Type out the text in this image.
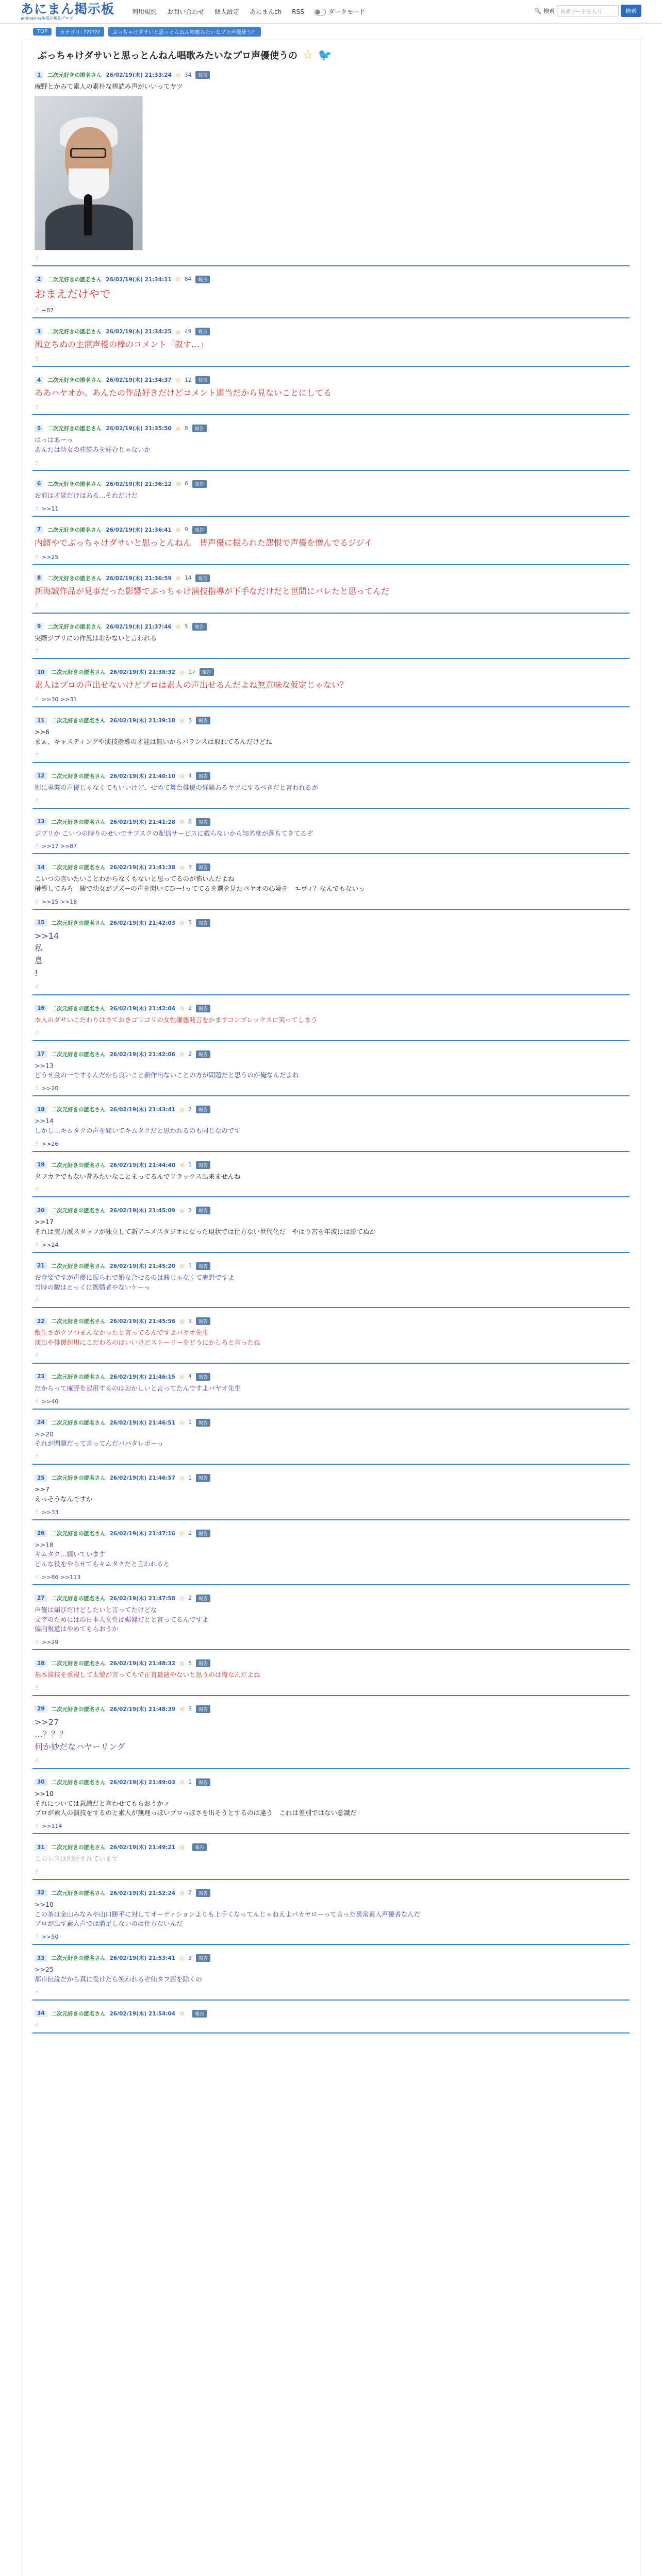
あにまん掲示板
animan-talk掲示板&ブログ
利用規約 お問い合わせ 個人設定 あにまんch RSS	ダークモード	🔍 検索	検索ワードを入力	検索
TOP	カテゴリ: ??????	ぶっちゃけダサいと思っとんねん唱歌みたいなプロ声優使う？
ぶっちゃけダサいと思っとんねん唱歌みたいなプロ声優使うの ☆ 🐦
1	二次元好きの匿名さん 26/02/19(木) 21:33:24 ◎ 34	報告
庵野とかみて素人の素朴な棒読み声がいいってヤツ
☝
2	二次元好きの匿名さん 26/02/19(木) 21:34:11 ◎ 84	報告
おまえだけやで
☝ +87
3	二次元好きの匿名さん 26/02/19(木) 21:34:25 ◎ 49	報告
風立ちぬの主演声優の棒のコメント「叙す…」
☝
4	二次元好きの匿名さん 26/02/19(木) 21:34:37 ◎ 12	報告
ああハヤオか。あんたの作品好きだけどコメント適当だから見ないことにしてる
☝
5	二次元好きの匿名さん 26/02/19(木) 21:35:50 ◎ 8	報告
はっはあーっ
あんたは幼女の棒読みを好むじゃないか
☝
6	二次元好きの匿名さん 26/02/19(木) 21:36:12 ◎ 6	報告
お前は才能だけはある…それだけだ
☝ >>11
7	二次元好きの匿名さん 26/02/19(木) 21:36:41 ◎ 9	報告
内緒やでぶっちゃけダサいと思っとんねん　皆声優に振られた怨恨で声優を憎んでるジジイ
☝ >>25
8	二次元好きの匿名さん 26/02/19(木) 21:36:59 ◎ 14	報告
新海誠作品が見事だった影響でぶっちゃけ演技指導が下手なだけだと世間にバレたと思ってんだ
☝
9	二次元好きの匿名さん 26/02/19(木) 21:37:46 ◎ 5	報告
実際ジブリにの作風はおかないと言われる
☝
10	二次元好きの匿名さん 26/02/19(木) 21:38:32 ◎ 17	報告
素人はプロの声出せないけどプロは素人の声出せるんだよね無意味な仮定じゃない？
☝ >>30 >>31
11	二次元好きの匿名さん 26/02/19(木) 21:39:18 ◎ 3	報告
>>6
まぁ、キャスティングや演技指導の才能は無いからバランスは取れてるんだけどね
☝
12	二次元好きの匿名さん 26/02/19(木) 21:40:10 ◎ 4	報告
別に専業の声優じゃなくてもいいけど、せめて舞台俳優の経験あるヤツにするべきだと言われるが
☝
13	二次元好きの匿名さん 26/02/19(木) 21:41:28 ◎ 8	報告
ジブリか こいつの時りのせいでサブスクの配信サービスに載らないから知名度が落ちてきてるぞ
☝ >>17 >>87
14	二次元好きの匿名さん 26/02/19(木) 21:41:38 ◎ 3	報告
こいつの言いたいことわからなくもないと思ってるのが怖いんだよね
榊導してみろ　駿で幼女がブズーの声を聞いてひー!っててるを選を見たパヤオの心境を　エヴィ？なんでもないっ
☝ >>15 >>18
15	二次元好きの匿名さん 26/02/19(木) 21:42:03 ◎ 5	報告
>>14
私
息
!
☝
16	二次元好きの匿名さん 26/02/19(木) 21:42:04 ◎ 2	報告
本人のダサいこだわりはさておきゴリゴリの女性嫌悪発言をかますコンプレックスに笑ってしまう
☝
17	二次元好きの匿名さん 26/02/19(木) 21:42:06 ◎ 2	報告
>>13
どうせ金の一でするんだから良いこと新作出ないことの方が問題だと思うのが俺なんだよね
☝ >>20
18	二次元好きの匿名さん 26/02/19(木) 21:43:41 ◎ 2	報告
>>14
しかし…キムタクの声を聞いてキムタクだと思われるのも同じなのです
☝ >>26
19	二次元好きの匿名さん 26/02/19(木) 21:44:40 ◎ 1	報告
タフカテでもない昔みたいなことまってるんでリラックス出来ませんね
☝
20	二次元好きの匿名さん 26/02/19(木) 21:45:09 ◎ 2	報告
>>17
それは実力派スタッフが独立して新アニメスタジオになった現状では仕方ない世代化だ　やはり宮を年波には勝てぬか
☝ >>24
21	二次元好きの匿名さん 26/02/19(木) 21:45:20 ◎ 1	報告
お金要ですが声優に振られで婚な合せるのは駿じゃなくて庵野ですよ
当時の駿はとっくに既婚者やないケーっ
☝
22	二次元好きの匿名さん 26/02/19(木) 21:45:56 ◎ 3	報告
敷生さがクソつまんなかったと言ってるんですよバヤオ先生
演出や俳優起用にこだわるのはいいけどストーリーをどうにかしろと言ったね
☝
23	二次元好きの匿名さん 26/02/19(木) 21:46:15 ◎ 4	報告
だからって庵野を起用するのはおかしいと言ってたんですよバヤオ先生
☝ >>40
24	二次元好きの匿名さん 26/02/19(木) 21:46:51 ◎ 1	報告
>>20
それが問題だって言ってんだバパタレボーっ
☝
25	二次元好きの匿名さん 26/02/19(木) 21:46:57 ◎ 1	報告
>>7
えっそうなんですか
☝ >>33
26	二次元好きの匿名さん 26/02/19(木) 21:47:16 ◎ 2	報告
>>18
キムタク…嬉いています
どんな役をやらせてもキムタクだと言われると
☝ >>86 >>113
27	二次元好きの匿名さん 26/02/19(木) 21:47:58 ◎ 2	報告
声優は媚びだけどしたいと言ってたけどな
文字のためにはの日本人女性は媚婦だとと言ってるんですよ
偏向報道はやめてもらおうか
☝ >>29
28	二次元好きの匿名さん 26/02/19(木) 21:48:32 ◎ 5	報告
基本演技を重視して太貌が言ってもで正直最適やないと思うのは俺なんだよね
☝
29	二次元好きの匿名さん 26/02/19(木) 21:48:39 ◎ 3	報告
>>27
…？？？
何か妙だなハヤーリング
☝
30	二次元好きの匿名さん 26/02/19(木) 21:49:03 ◎ 1	報告
>>10
それについては意識だと言わせてもらおうかァ
プロが素人の演技をするのと素人が無理っぽいプロっぽさを出そうとするのは違う　これは差別ではない意識だ
☝ >>114
31	二次元好きの匿名さん 26/02/19(木) 21:49:21 ◎	報告
このレスは削除されています
☝
32	二次元好きの匿名さん 26/02/19(木) 21:52:24 ◎ 2	報告
>>10
この茶は金山みなみや山口勝平に対してオーディションよりも上手くなってんじゃねえよバカヤローって言った異常素人声優者なんだ
プロが出す素人声では満足しないのは仕方ないんだ
☝ >>50
33	二次元好きの匿名さん 26/02/19(木) 21:53:41 ◎ 3	報告
>>25
都市伝説だから真に受けたら笑われるぞ仙タフ厨を除くの
☝
34	二次元好きの匿名さん 26/02/19(木) 21:54:04 ◎	報告
☝
